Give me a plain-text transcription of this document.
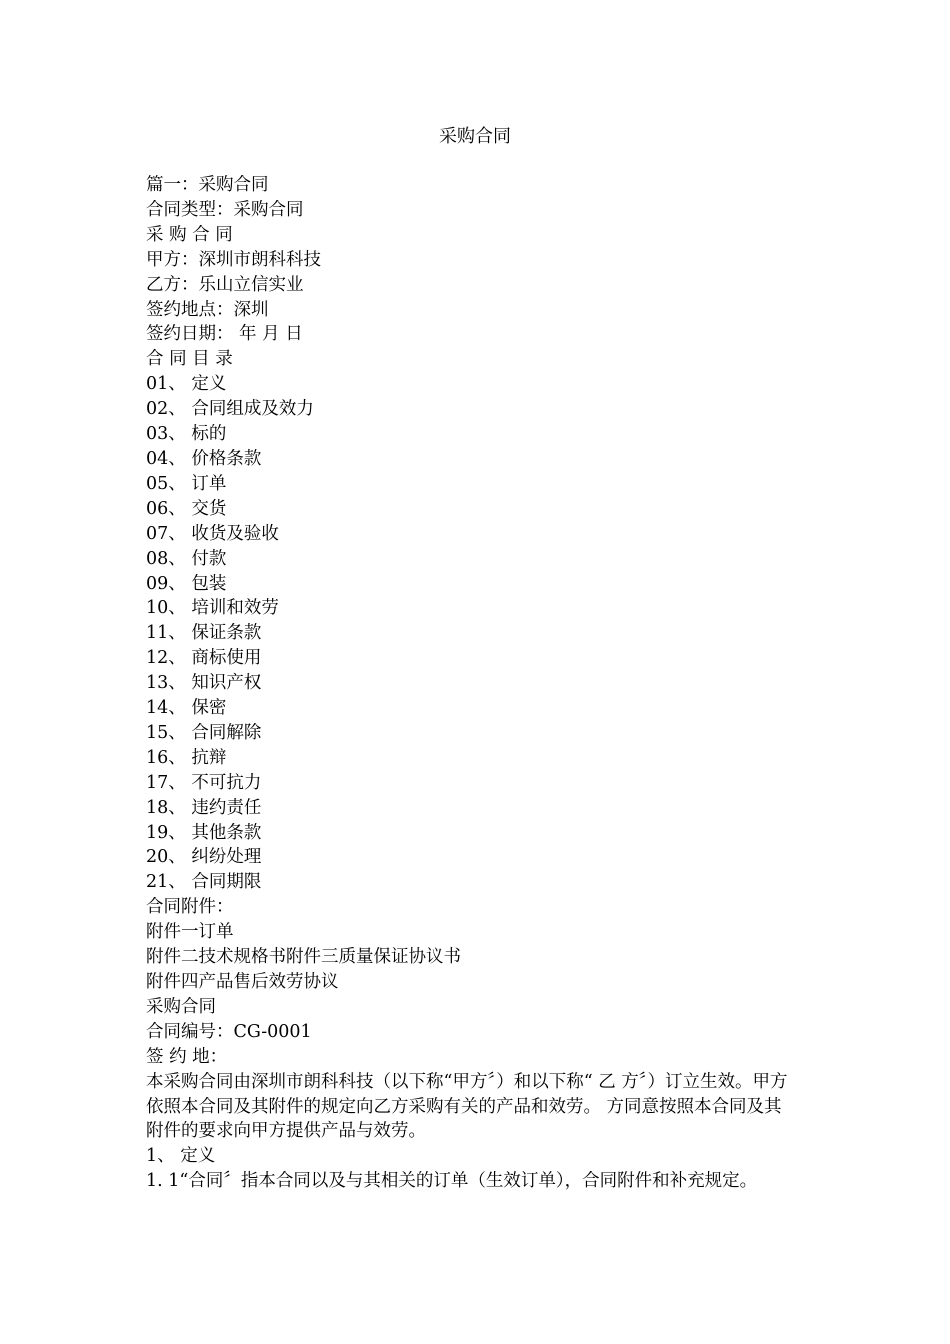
采购合同
篇一：采购合同
合同类型：采购合同
采 购 合 同
甲方：深圳市朗科科技
乙方：乐山立信实业
签约地点：深圳
签约日期： 年 月 日
合 同 目 录
01、 定义
02、 合同组成及效力
03、 标的
04、 价格条款
05、 订单
06、 交货
07、 收货及验收
08、 付款
09、 包装
10、 培训和效劳
11、 保证条款
12、 商标使用
13、 知识产权
14、 保密
15、 合同解除
16、 抗辩
17、 不可抗力
18、 违约责任
19、 其他条款
20、 纠纷处理
21、 合同期限
合同附件：
附件一订单
附件二技术规格书附件三质量保证协议书
附件四产品售后效劳协议
采购合同
合同编号：CG-0001
签 约 地：

本采购合同由深圳市朗科科技（以下称“甲方〞）和以下称“ 乙 方〞）订立生效。甲方依照本合同及其附件的规定向乙方采购有关的产品和效劳。 方同意按照本合同及其附件的要求向甲方提供产品与效劳。

1、 定义

1. 1“合同〞指本合同以及与其相关的订单（生效订单），合同附件和补充规定。
